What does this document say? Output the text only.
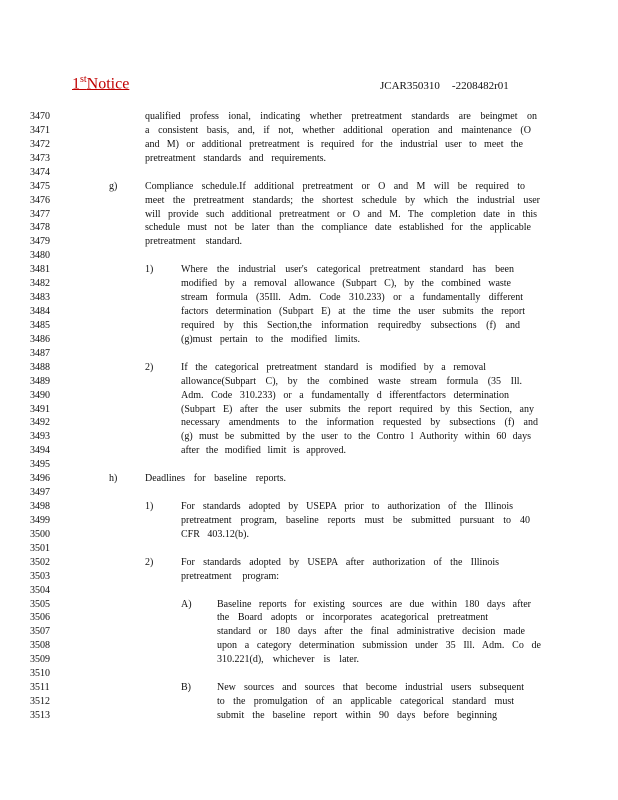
1stNotice	JCAR350310 -2208482r01
3470	qualified profess ional, indicating whether pretreatment standards are beingmet on
3471	a consistent basis, and, if not, whether additional operation and maintenance (O
3472	and M) or additional pretreatment is required for the industrial user to meet the
3473	pretreatment standards and requirements.
3474
3475	g)	Compliance schedule.If additional pretreatment or O and M will be required to
3476	meet the pretreatment standards; the shortest schedule by which the industrial user
3477	will provide such additional pretreatment or O and M. The completion date in this
3478	schedule must not be later than the compliance date established for the applicable
3479	pretreatment standard.
3480
3481	1)	Where the industrial user's categorical pretreatment standard has been
3482	modified by a removal allowance (Subpart C), by the combined waste
3483	stream formula (35Ill. Adm. Code 310.233) or a fundamentally different
3484	factors determination (Subpart E) at the time the user submits the report
3485	required by this Section,the information requiredby subsections (f) and
3486	(g)must pertain to the modified limits.
3487
3488	2)	If the categorical pretreatment standard is modified by a removal
3489	allowance(Subpart C), by the combined waste stream formula (35 Ill.
3490	Adm. Code 310.233) or a fundamentally d ifferentfactors determination
3491	(Subpart E) after the user submits the report required by this Section, any
3492	necessary amendments to the information requested by subsections (f) and
3493	(g) must be submitted by the user to the Contro l Authority within 60 days
3494	after the modified limit is approved.
3495
3496	h)	Deadlines for baseline reports.
3497
3498	1)	For standards adopted by USEPA prior to authorization of the Illinois
3499	pretreatment program, baseline reports must be submitted pursuant to 40
3500	CFR 403.12(b).
3501
3502	2)	For standards adopted by USEPA after authorization of the Illinois
3503	pretreatment program:
3504
3505	A)	Baseline reports for existing sources are due within 180 days after
3506	the Board adopts or incorporates acategorical pretreatment
3507	standard or 180 days after the final administrative decision made
3508	upon a category determination submission under 35 Ill. Adm. Co de
3509	310.221(d), whichever is later.
3510
3511	B)	New sources and sources that become industrial users subsequent
3512	to the promulgation of an applicable categorical standard must
3513	submit the baseline report within 90 days before beginning
